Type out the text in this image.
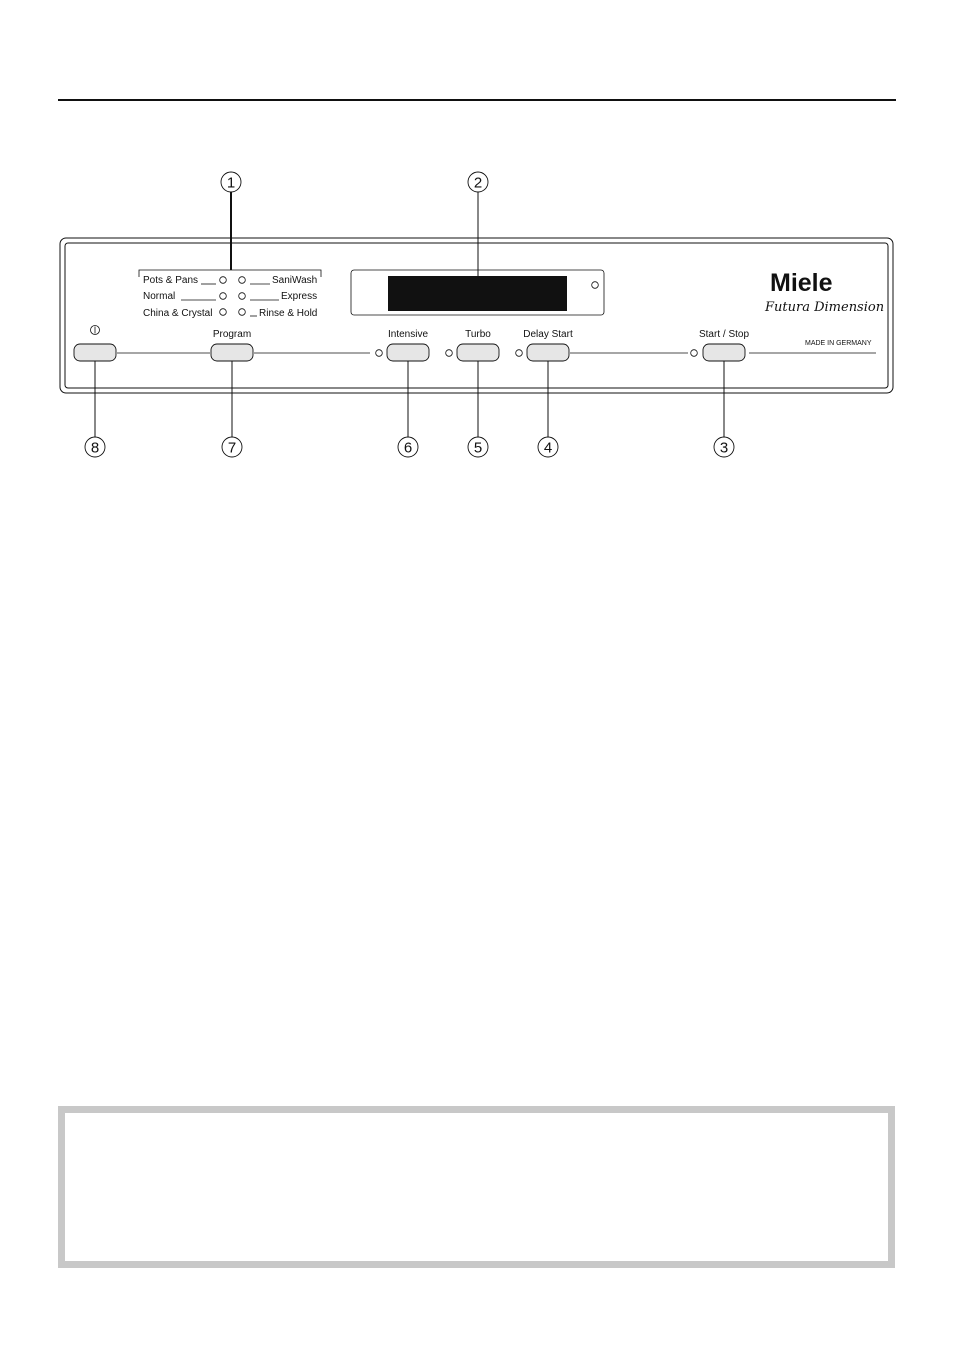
Pots & Pans
Normal
China & Crystal
SaniWash
Express
Rinse & Hold
Miele
Futura Dimension
MADE IN GERMANY
Program	Intensive	Turbo	Delay Start	Start / Stop
1	2
3
4
5
6
7
8
